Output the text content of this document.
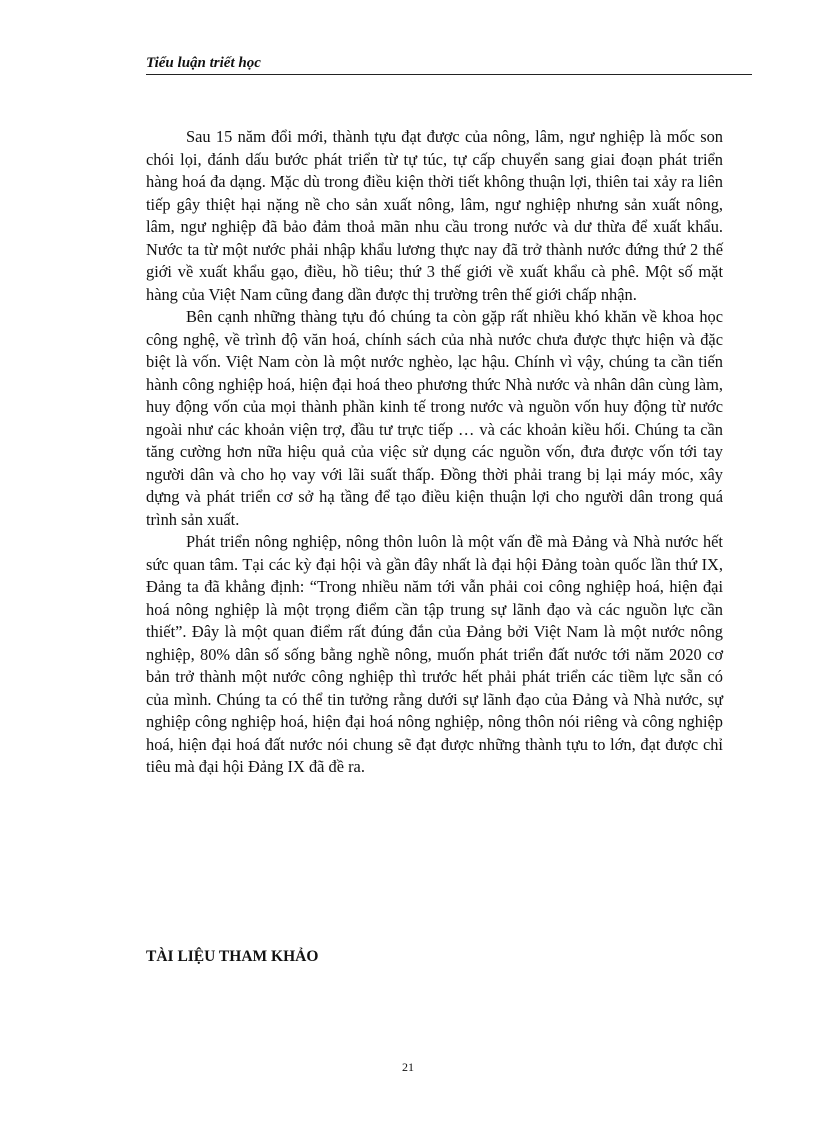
Tiểu luận triết học

Sau 15 năm đổi mới, thành tựu đạt được của nông, lâm, ngư nghiệp là mốc son chói lọi, đánh dấu bước phát triển từ tự túc, tự cấp chuyển sang giai đoạn phát triển hàng hoá đa dạng. Mặc dù trong điều kiện thời tiết không thuận lợi, thiên tai xảy ra liên tiếp gây thiệt hại nặng nề cho sản xuất nông, lâm, ngư nghiệp nhưng sản xuất nông, lâm, ngư nghiệp đã bảo đảm thoả mãn nhu cầu trong nước và dư thừa để xuất khẩu. Nước ta từ một nước phải nhập khẩu lương thực nay đã trở thành nước đứng thứ 2 thế giới về xuất khẩu gạo, điều, hồ tiêu; thứ 3 thế giới về xuất khẩu cà phê. Một số mặt hàng của Việt Nam cũng đang dần được thị trường trên thế giới chấp nhận.

Bên cạnh những thàng tựu đó chúng ta còn gặp rất nhiều khó khăn về khoa học công nghệ, về trình độ văn hoá, chính sách của nhà nước chưa được thực hiện và đặc biệt là vốn. Việt Nam còn là một nước nghèo, lạc hậu. Chính vì vậy, chúng ta cần tiến hành công nghiệp hoá, hiện đại hoá theo phương thức Nhà nước và nhân dân cùng làm, huy động vốn của mọi thành phần kinh tế trong nước và nguồn vốn huy động từ nước ngoài như các khoản viện trợ, đầu tư trực tiếp … và các khoản kiều hối. Chúng ta cần tăng cường hơn nữa hiệu quả của việc sử dụng các nguồn vốn, đưa được vốn tới tay người dân và cho họ vay với lãi suất thấp. Đồng thời phải trang bị lại máy móc, xây dựng và phát triển cơ sở hạ tầng để tạo điều kiện thuận lợi cho người dân trong quá trình sản xuất.

Phát triển nông nghiệp, nông thôn luôn là một vấn đề mà Đảng và Nhà nước hết sức quan tâm. Tại các kỳ đại hội và gần đây nhất là đại hội Đảng toàn quốc lần thứ IX, Đảng ta đã khẳng định: “Trong nhiều năm tới vẫn phải coi công nghiệp hoá, hiện đại hoá nông nghiệp là một trọng điểm cần tập trung sự lãnh đạo và các nguồn lực cần thiết”. Đây là một quan điểm rất đúng đắn của Đảng bởi Việt Nam là một nước nông nghiệp, 80% dân số sống bằng nghề nông, muốn phát triển đất nước tới năm 2020 cơ bản trở thành một nước công nghiệp thì trước hết phải phát triển các tiềm lực sẵn có của mình. Chúng ta có thể tin tưởng rằng dưới sự lãnh đạo của Đảng và Nhà nước, sự nghiệp công nghiệp hoá, hiện đại hoá nông nghiệp, nông thôn nói riêng và công nghiệp hoá, hiện đại hoá đất nước nói chung sẽ đạt được những thành tựu to lớn, đạt được chỉ tiêu mà đại hội Đảng IX đã đề ra.

TÀI LIỆU THAM KHẢO
21
